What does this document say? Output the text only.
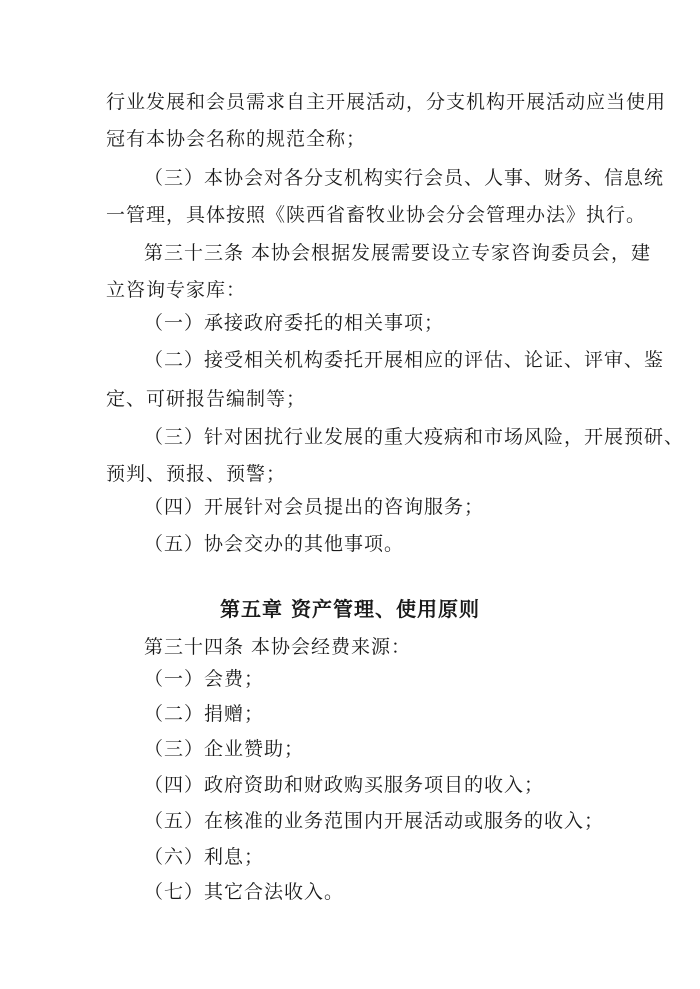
行业发展和会员需求自主开展活动，分支机构开展活动应当使用
冠有本协会名称的规范全称；
（三）本协会对各分支机构实行会员、人事、财务、信息统
一管理，具体按照《陕西省畜牧业协会分会管理办法》执行。
第三十三条 本协会根据发展需要设立专家咨询委员会，建
立咨询专家库：
（一）承接政府委托的相关事项；
（二）接受相关机构委托开展相应的评估、论证、评审、鉴
定、可研报告编制等；
（三）针对困扰行业发展的重大疫病和市场风险，开展预研、
预判、预报、预警；
（四）开展针对会员提出的咨询服务；
（五）协会交办的其他事项。
第五章 资产管理、使用原则
第三十四条 本协会经费来源：
（一）会费；
（二）捐赠；
（三）企业赞助；
（四）政府资助和财政购买服务项目的收入；
（五）在核准的业务范围内开展活动或服务的收入；
（六）利息；
（七）其它合法收入。
